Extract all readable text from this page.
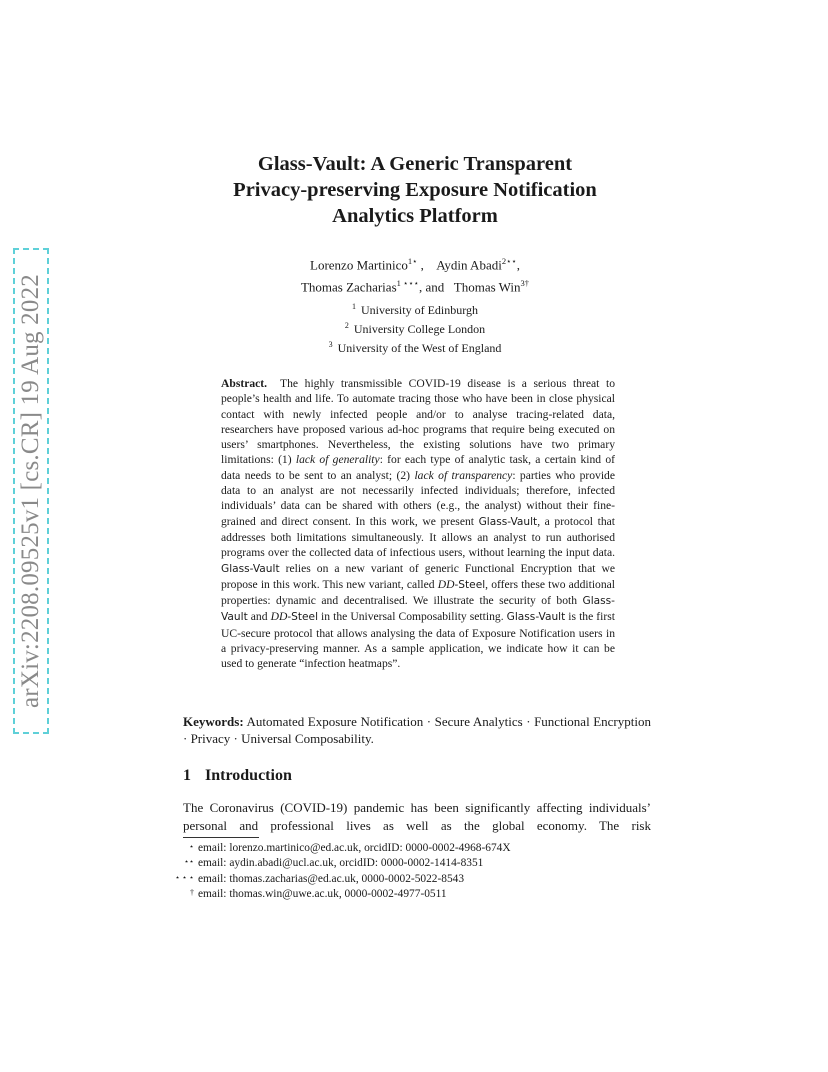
arXiv:2208.09525v1 [cs.CR] 19 Aug 2022
Glass-Vault: A Generic Transparent
Privacy-preserving Exposure Notification
Analytics Platform
Lorenzo Martinico$^{1⋆}$ ,    Aydin Abadi$^{2⋆⋆}$,
Thomas Zacharias$^{1 ⋆⋆⋆}$, and Thomas Win$^{3\dagger}$
$^1$ University of Edinburgh
$^2$ University College London
$^3$ University of the West of England
Abstract. The highly transmissible COVID-19 disease is a serious threat to people’s health and life. To automate tracing those who have been in close physical contact with newly infected people and/or to analyse tracing-related data, researchers have proposed various ad-hoc programs that require being executed on users’ smartphones. Nevertheless, the existing solutions have two primary limitations: (1) lack of generality: for each type of analytic task, a certain kind of data needs to be sent to an analyst; (2) lack of transparency: parties who provide data to an analyst are not necessarily infected individuals; therefore, infected individuals’ data can be shared with others (e.g., the analyst) without their fine-grained and direct consent. In this work, we present Glass-Vault, a protocol that addresses both limitations simultaneously. It allows an analyst to run authorised programs over the collected data of infectious users, without learning the input data. Glass-Vault relies on a new variant of generic Functional Encryption that we propose in this work. This new variant, called DD-Steel, offers these two additional properties: dynamic and decentralised. We illustrate the security of both Glass-Vault and DD-Steel in the Universal Composability setting. Glass-Vault is the first UC-secure protocol that allows analysing the data of Exposure Notification users in a privacy-preserving manner. As a sample application, we indicate how it can be used to generate “infection heatmaps”.
Keywords: Automated Exposure Notification · Secure Analytics · Functional Encryption · Privacy · Universal Composability.
1 Introduction
The Coronavirus (COVID-19) pandemic has been significantly affecting individuals’ personal and professional lives as well as the global economy. The risk
⋆ email: lorenzo.martinico@ed.ac.uk, orcidID: 0000-0002-4968-674X
⋆⋆ email: aydin.abadi@ucl.ac.uk, orcidID: 0000-0002-1414-8351
⋆ ⋆ ⋆ email: thomas.zacharias@ed.ac.uk, 0000-0002-5022-8543
† email: thomas.win@uwe.ac.uk, 0000-0002-4977-0511
